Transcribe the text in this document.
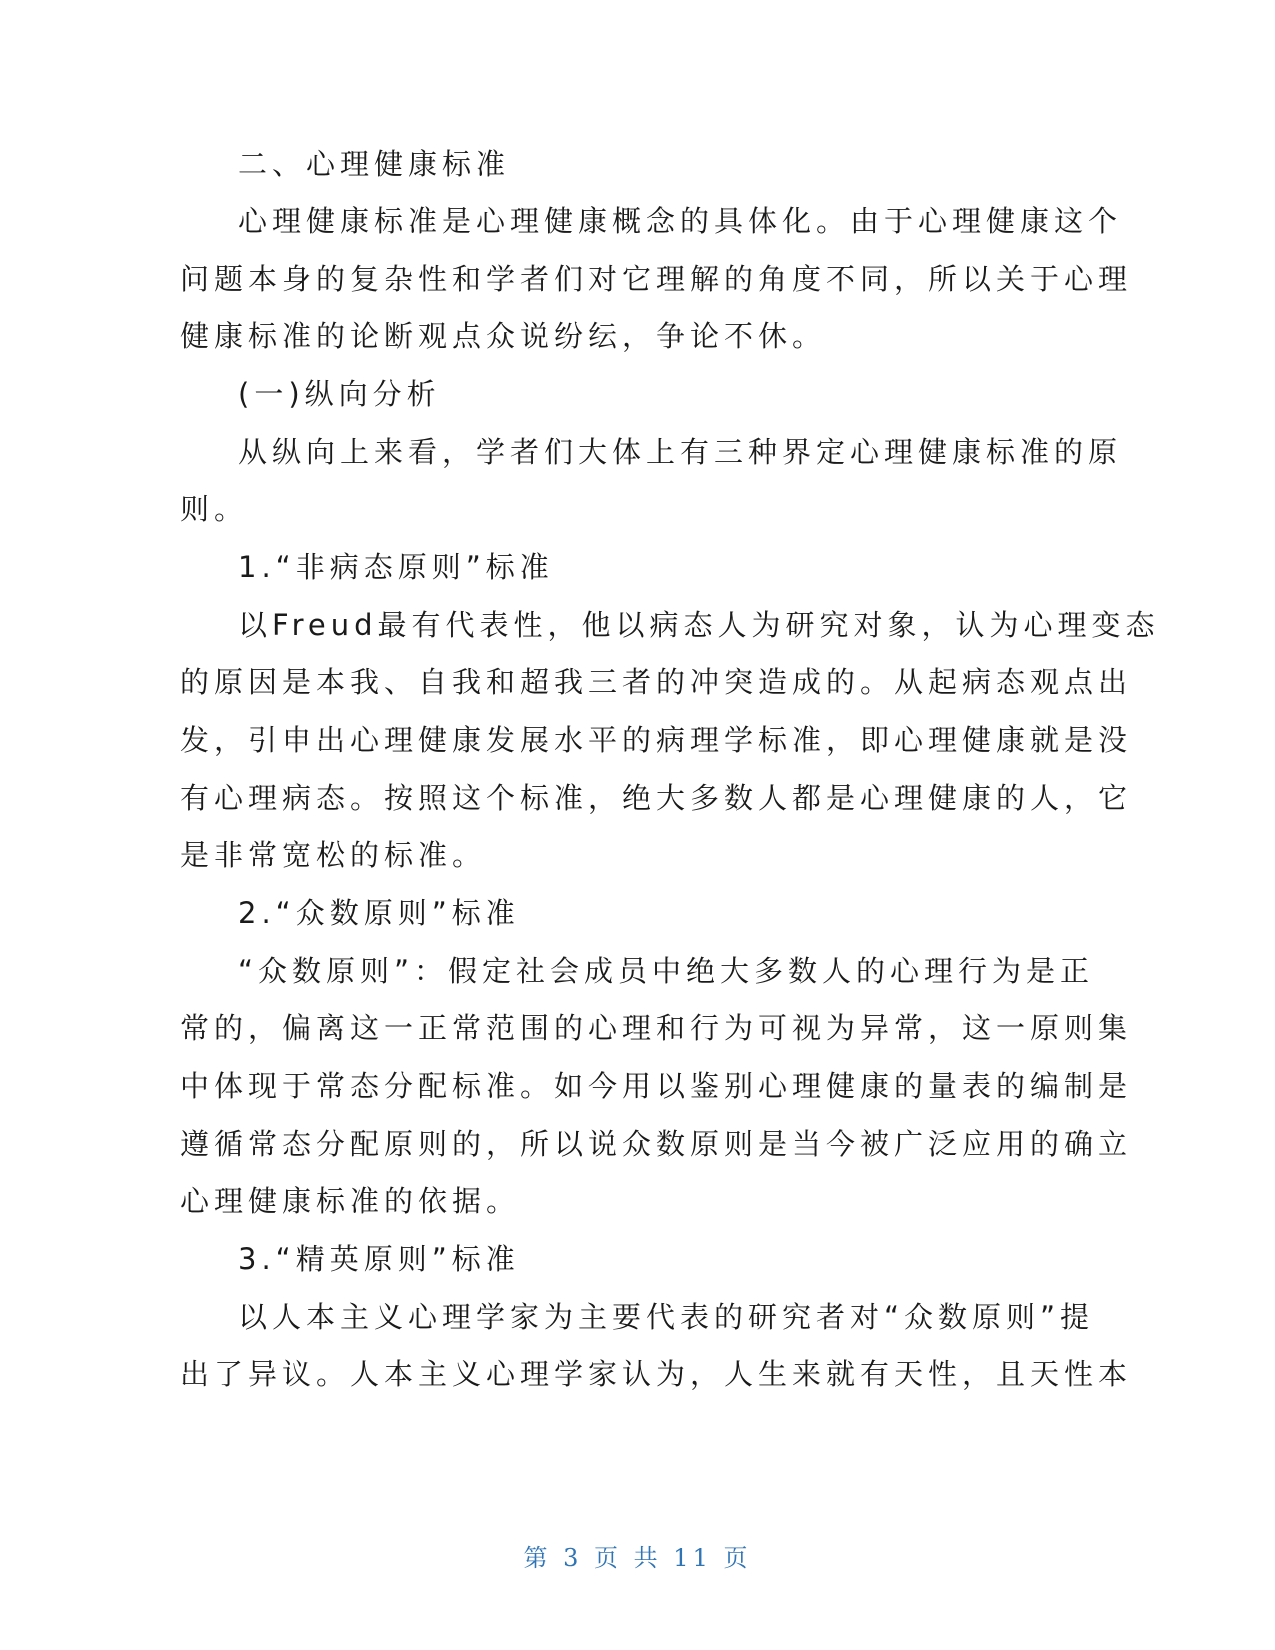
二、心理健康标准
心理健康标准是心理健康概念的具体化。由于心理健康这个
问题本身的复杂性和学者们对它理解的角度不同，所以关于心理
健康标准的论断观点众说纷纭，争论不休。
(一)纵向分析
从纵向上来看，学者们大体上有三种界定心理健康标准的原
则。
1.“非病态原则”标准
以Freud最有代表性，他以病态人为研究对象，认为心理变态
的原因是本我、自我和超我三者的冲突造成的。从起病态观点出
发，引申出心理健康发展水平的病理学标准，即心理健康就是没
有心理病态。按照这个标准，绝大多数人都是心理健康的人，它
是非常宽松的标准。
2.“众数原则”标准
“众数原则”：假定社会成员中绝大多数人的心理行为是正
常的，偏离这一正常范围的心理和行为可视为异常，这一原则集
中体现于常态分配标准。如今用以鉴别心理健康的量表的编制是
遵循常态分配原则的，所以说众数原则是当今被广泛应用的确立
心理健康标准的依据。
3.“精英原则”标准
以人本主义心理学家为主要代表的研究者对“众数原则”提
出了异议。人本主义心理学家认为，人生来就有天性，且天性本
第 3 页 共 11 页
